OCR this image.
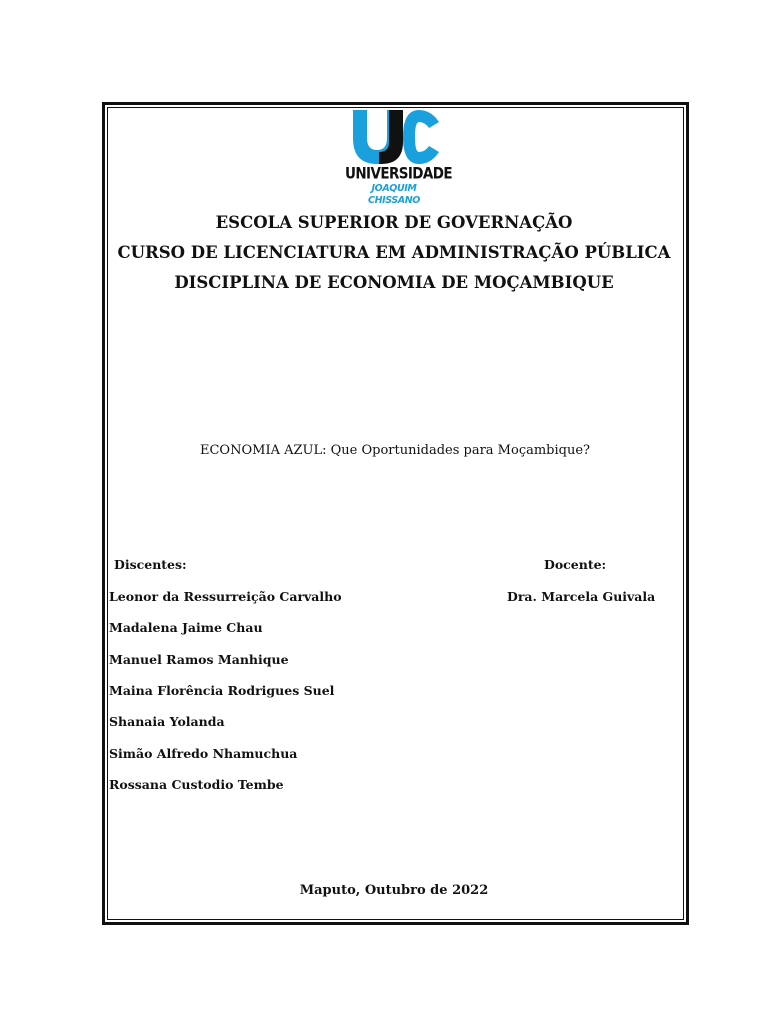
UNIVERSIDADE
JOAQUIM CHISSANO
ESCOLA SUPERIOR DE GOVERNAÇÃO
CURSO DE LICENCIATURA EM ADMINISTRAÇÃO PÚBLICA
DISCIPLINA DE ECONOMIA DE MOÇAMBIQUE
ECONOMIA AZUL: Que Oportunidades para Moçambique?
Discentes:	Docente:
Dra. Marcela Guivala
Leonor da Ressurreição Carvalho
Madalena Jaime Chau
Manuel Ramos Manhique
Maina Florência Rodrigues Suel
Shanaia Yolanda
Simão Alfredo Nhamuchua
Rossana Custodio Tembe
Maputo, Outubro de 2022
